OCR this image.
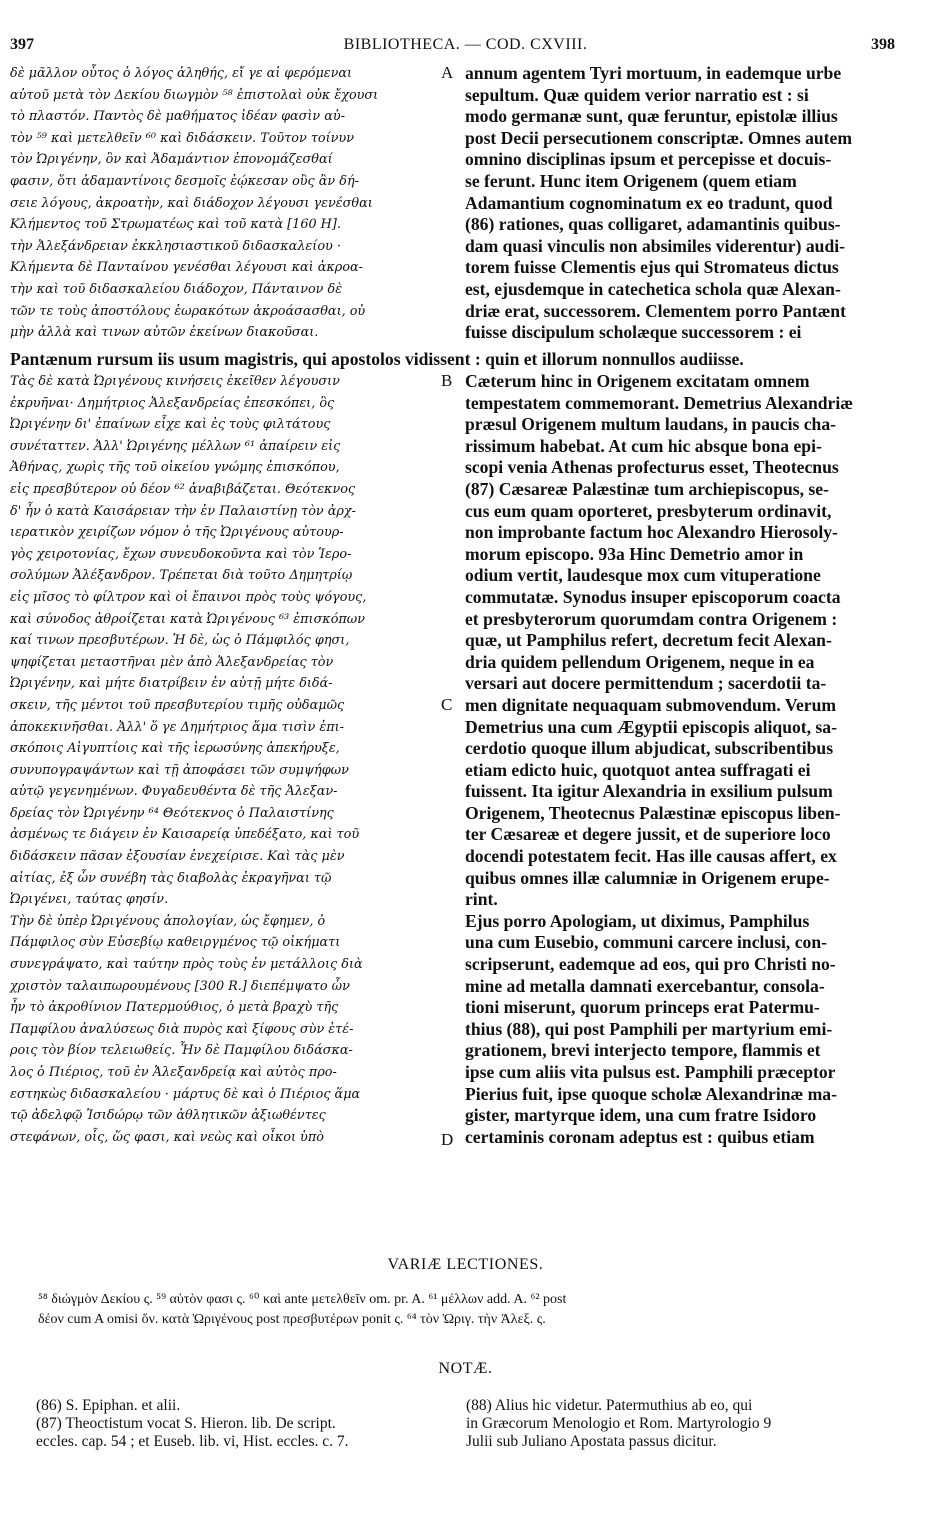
397	BIBLIOTHECA. — COD. CXVIII.	398
δὲ μᾶλλον οὗτος ὁ λόγος ἀληθής, εἴ γε αἱ φερόμεναι
αὐτοῦ μετὰ τὸν Δεκίου διωγμὸν ⁵⁸ ἐπιστολαὶ οὐκ ἔχουσι
τὸ πλαστόν. Παντὸς δὲ μαθήματος ἰδέαν φασὶν αὐ-
τὸν ⁵⁹ καὶ μετελθεῖν ⁶⁰ καὶ διδάσκειν. Τοῦτον τοίνυν
τὸν Ὠριγένην, ὃν καὶ Ἀδαμάντιον ἐπονομάζεσθαί
φασιν, ὅτι ἀδαμαντίνοις δεσμοῖς ἐῴκεσαν οὓς ἂν δή-
σειε λόγους, ἀκροατὴν, καὶ διάδοχον λέγουσι γενέσθαι
Κλήμεντος τοῦ Στρωματέως καὶ τοῦ κατὰ [160 H].
τὴν Ἀλεξάνδρειαν ἐκκλησιαστικοῦ διδασκαλείου ·
Κλήμεντα δὲ Πανταίνου γενέσθαι λέγουσι καὶ ἀκροα-
τὴν καὶ τοῦ διδασκαλείου διάδοχον, Πάνταινον δὲ
τῶν τε τοὺς ἀποστόλους ἑωρακότων ἀκροάσασθαι, οὐ
μὴν ἀλλὰ καὶ τινων αὐτῶν ἐκείνων διακοῦσαι.
annum agentem Tyri mortuum, in eademque urbe
sepultum. Quæ quidem verior narratio est : si
modo germanæ sunt, quæ feruntur, epistolæ illius
post Decii persecutionem conscriptæ. Omnes autem
omnino disciplinas ipsum et percepisse et docuis-
se ferunt. Hunc item Origenem (quem etiam
Adamantium cognominatum ex eo tradunt, quod
(86) rationes, quas colligaret, adamantinis quibus-
dam quasi vinculis non absimiles viderentur) audi-
torem fuisse Clementis ejus qui Stromateus dictus
est, ejusdemque in catechetica schola quæ Alexan-
driæ erat, successorem. Clementem porro Pantænt
fuisse discipulum scholæque successorem : ei
A
Pantænum rursum iis usum magistris, qui apostolos vidissent : quin et illorum nonnullos audiisse.
Τὰς δὲ κατὰ Ὠριγένους κινήσεις ἐκεῖθεν λέγουσιν
ἐκρυῆναι· Δημήτριος Ἀλεξανδρείας ἐπεσκόπει, ὃς
Ὠριγένην δι' ἐπαίνων εἶχε καὶ ἐς τοὺς φιλτάτους
συνέταττεν. Ἀλλ' Ὠριγένης μέλλων ⁶¹ ἀπαίρειν εἰς
Ἀθήνας, χωρὶς τῆς τοῦ οἰκείου γνώμης ἐπισκόπου,
εἰς πρεσβύτερον οὐ δέον ⁶² ἀναβιβάζεται. Θεότεκνος
δ' ἦν ὁ κατὰ Καισάρειαν τὴν ἐν Παλαιστίνῃ τὸν ἀρχ-
ιερατικὸν χειρίζων νόμον ὁ τῆς Ὠριγένους αὐτουρ-
γὸς χειροτονίας, ἔχων συνευδοκοῦντα καὶ τὸν Ἱερο-
σολύμων Ἀλέξανδρον. Τρέπεται διὰ τοῦτο Δημητρίῳ
εἰς μῖσος τὸ φίλτρον καὶ οἱ ἔπαινοι πρὸς τοὺς ψόγους,
καὶ σύνοδος ἀθροίζεται κατὰ Ὠριγένους ⁶³ ἐπισκόπων
καί τινων πρεσβυτέρων. Ἡ δὲ, ὡς ὁ Πάμφιλός φησι,
ψηφίζεται μεταστῆναι μὲν ἀπὸ Ἀλεξανδρείας τὸν
Ὠριγένην, καὶ μήτε διατρίβειν ἐν αὐτῇ μήτε διδά-
σκειν, τῆς μέντοι τοῦ πρεσβυτερίου τιμῆς οὐδαμῶς
ἀποκεκινῆσθαι. Ἀλλ' ὅ γε Δημήτριος ἅμα τισὶν ἐπι-
σκόποις Αἰγυπτίοις καὶ τῆς ἱερωσύνης ἀπεκήρυξε,
συνυπογραψάντων καὶ τῇ ἀποφάσει τῶν συμψήφων
αὐτῷ γεγενημένων. Φυγαδευθέντα δὲ τῆς Ἀλεξαν-
δρείας τὸν Ὠριγένην ⁶⁴ Θεότεκνος ὁ Παλαιστίνης
ἀσμένως τε διάγειν ἐν Καισαρείᾳ ὑπεδέξατο, καὶ τοῦ
διδάσκειν πᾶσαν ἐξουσίαν ἐνεχείρισε. Καὶ τὰς μὲν
αἰτίας, ἐξ ὧν συνέβη τὰς διαβολὰς ἐκραγῆναι τῷ
Ὠριγένει, ταύτας φησίν.
Τὴν δὲ ὑπὲρ Ὠριγένους ἀπολογίαν, ὡς ἔφημεν, ὁ
Πάμφιλος σὺν Εὐσεβίῳ καθειργμένος τῷ οἰκήματι
συνεγράψατο, καὶ ταύτην πρὸς τοὺς ἐν μετάλλοις διὰ
χριστὸν ταλαιπωρουμένους [300 R.] διεπέμψατο ὧν
ἦν τὸ ἀκροθίνιον Πατερμούθιος, ὁ μετὰ βραχὺ τῆς
Παμφίλου ἀναλύσεως διὰ πυρὸς καὶ ξίφους σὺν ἑτέ-
ροις τὸν βίον τελειωθείς. Ἦν δὲ Παμφίλου διδάσκα-
λος ὁ Πιέριος, τοῦ ἐν Ἀλεξανδρείᾳ καὶ αὐτὸς προ-
εστηκὼς διδασκαλείου · μάρτυς δὲ καὶ ὁ Πιέριος ἅμα
τῷ ἀδελφῷ Ἰσιδώρῳ τῶν ἀθλητικῶν ἀξιωθέντες
στεφάνων, οἷς, ὥς φασι, καὶ νεὼς καὶ οἶκοι ὑπὸ
Cæterum hinc in Origenem excitatam omnem
tempestatem commemorant. Demetrius Alexandriæ
præsul Origenem multum laudans, in paucis cha-
rissimum habebat. At cum hic absque bona epi-
scopi venia Athenas profecturus esset, Theotecnus
(87) Cæsareæ Palæstinæ tum archiepiscopus, se-
cus eum quam oporteret, presbyterum ordinavit,
non improbante factum hoc Alexandro Hierosoly-
morum episcopo. 93a Hinc Demetrio amor in
odium vertit, laudesque mox cum vituperatione
commutatæ. Synodus insuper episcoporum coacta
et presbyterorum quorumdam contra Origenem :
quæ, ut Pamphilus refert, decretum fecit Alexan-
dria quidem pellendum Origenem, neque in ea
versari aut docere permittendum ; sacerdotii ta-
men dignitate nequaquam submovendum. Verum
Demetrius una cum Ægyptii episcopis aliquot, sa-
cerdotio quoque illum abjudicat, subscribentibus
etiam edicto huic, quotquot antea suffragati ei
fuissent. Ita igitur Alexandria in exsilium pulsum
Origenem, Theotecnus Palæstinæ episcopus liben-
ter Cæsareæ et degere jussit, et de superiore loco
docendi potestatem fecit. Has ille causas affert, ex
quibus omnes illæ calumniæ in Origenem erupe-
rint.
Ejus porro Apologiam, ut diximus, Pamphilus
una cum Eusebio, communi carcere inclusi, con-
scripserunt, eademque ad eos, qui pro Christi no-
mine ad metalla damnati exercebantur, consola-
tioni miserunt, quorum princeps erat Patermu-
thius (88), qui post Pamphili per martyrium emi-
grationem, brevi interjecto tempore, flammis et
ipse cum aliis vita pulsus est. Pamphili præceptor
Pierius fuit, ipse quoque scholæ Alexandrinæ ma-
gister, martyrque idem, una cum fratre Isidoro
certaminis coronam adeptus est : quibus etiam
B
C
D
VARIÆ LECTIONES.
⁵⁸ διώγμὸν Δεκίου ς. ⁵⁹ αὐτὸν φασι ς. ⁶⁰ καὶ ante μετελθεῖν om. pr. A. ⁶¹ μέλλων add. A. ⁶² post
δέον cum A omisi ὄν. κατὰ Ὠριγένους post πρεσβυτέρων ponit ς. ⁶⁴ τὸν Ὠριγ. τὴν Ἀλεξ. ς.
NOTÆ.
(86) S. Epiphan. et alii.
(87) Theoctistum vocat S. Hieron. lib. De script.
eccles. cap. 54 ; et Euseb. lib. vi, Hist. eccles. c. 7.
(88) Alius hic videtur. Patermuthius ab eo, qui
in Græcorum Menologio et Rom. Martyrologio 9
Julii sub Juliano Apostata passus dicitur.
